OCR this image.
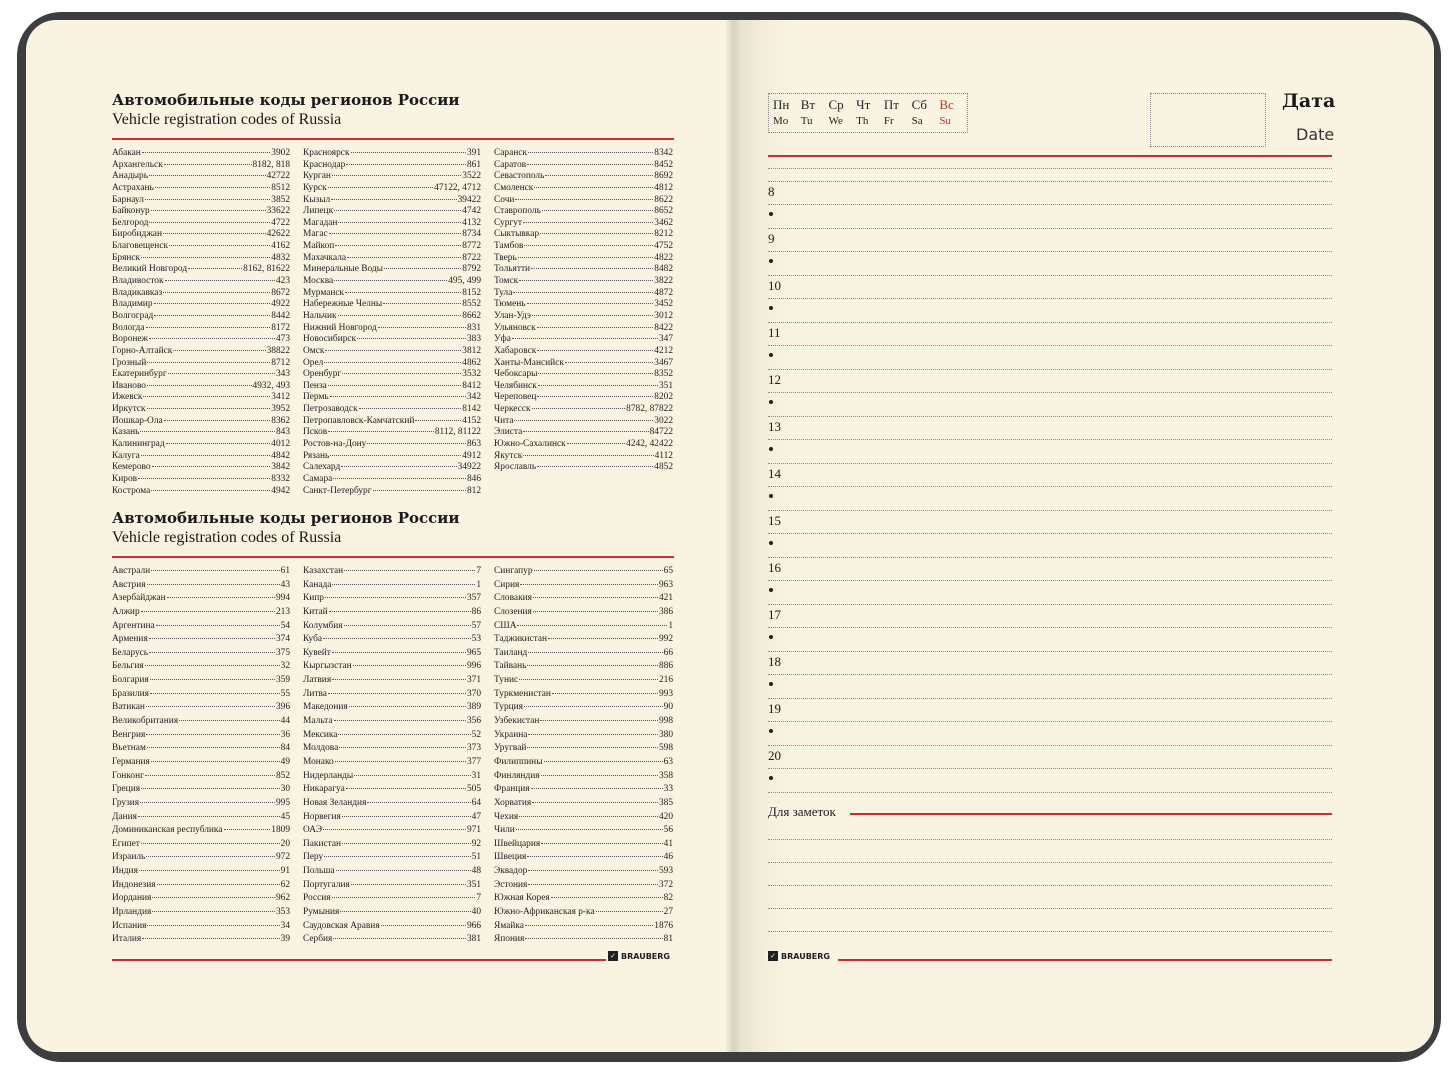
Автомобильные коды регионов России
Vehicle registration codes of Russia
Абакан	3902
Архангельск	8182, 818
Анадырь	42722
Астрахань	8512
Барнаул	3852
Байконур	33622
Белгород	4722
Биробиджан	42622
Благовещенск	4162
Брянск	4832
Великий Новгород	8162, 81622
Владивосток	423
Владикавказ	8672
Владимир	4922
Волгоград	8442
Вологда	8172
Воронеж	473
Горно-Алтайск	38822
Грозный	8712
Екатеринбург	343
Иваново	4932, 493
Ижевск	3412
Иркутск	3952
Йошкар-Ола	8362
Казань	843
Калининград	4012
Калуга	4842
Кемерово	3842
Киров	8332
Кострома	4942
Красноярск	391
Краснодар	861
Курган	3522
Курск	47122, 4712
Кызыл	39422
Липецк	4742
Магадан	4132
Магас	8734
Майкоп	8772
Махачкала	8722
Минеральные Воды	8792
Москва	495, 499
Мурманск	8152
Набережные Челны	8552
Нальчик	8662
Нижний Новгород	831
Новосибирск	383
Омск	3812
Орел	4862
Оренбург	3532
Пенза	8412
Пермь	342
Петрозаводск	8142
Петропавловск-Камчатский	4152
Псков	8112, 81122
Ростов-на-Дону	863
Рязань	4912
Салехард	34922
Самара	846
Санкт-Петербург	812
Саранск	8342
Саратов	8452
Севастополь	8692
Смоленск	4812
Сочи	8622
Ставрополь	8652
Сургут	3462
Сыктывкар	8212
Тамбов	4752
Тверь	4822
Тольятти	8482
Томск	3822
Тула	4872
Тюмень	3452
Улан-Удэ	3012
Ульяновск	8422
Уфа	347
Хабаровск	4212
Ханты-Мансийск	3467
Чебоксары	8352
Челябинск	351
Череповец	8202
Черкесск	8782, 87822
Чита	3022
Элиста	84722
Южно-Сахалинск	4242, 42422
Якутск	4112
Ярославль	4852
Автомобильные коды регионов России
Vehicle registration codes of Russia
Австрали	61
Австрия	43
Азербайджан	994
Алжир	213
Аргентина	54
Армения	374
Беларусь	375
Бельгия	32
Болгария	359
Бразилия	55
Ватикан	396
Великобритания	44
Венгрия	36
Вьетнам	84
Германия	49
Гонконг	852
Греция	30
Грузия	995
Дания	45
Доминиканская республика	1809
Египет	20
Израиль	972
Индия	91
Индонезия	62
Иордания	962
Ирландия	353
Испания	34
Италия	39
Казахстан	7
Канада	1
Кипр	357
Китай	86
Колумбия	57
Куба	53
Кувейт	965
Кыргызстан	996
Латвия	371
Литва	370
Македония	389
Мальта	356
Мексика	52
Молдова	373
Монако	377
Нидерланды	31
Никарагуа	505
Новая Зеландия	64
Норвегия	47
ОАЭ	971
Пакистан	92
Перу	51
Польша	48
Португалия	351
Россия	7
Румыния	40
Саудовская Аравия	966
Сербия	381
Сингапур	65
Сирия	963
Словакия	421
Слозения	386
США	1
Таджикистан	992
Таиланд	66
Тайвань	886
Тунис	216
Туркменистан	993
Турция	90
Узбекистан	998
Украина	380
Уругвай	598
Филиппины	63
Финляндия	358
Франция	33
Хорватия	385
Чехия	420
Чили	56
Швейцария	41
Швеция	46
Эквадор	593
Эстония	372
Южная Корея	82
Южно-Африканская р-ка	27
Ямайка	1876
Япония	81
✓ BRAUBERG
Пн Вт	Ср Чт	Пт Сб Вс
Mo	Tu	We	Th	Fr	Sa	Su
Дата
Date
8
9
10
11
12
13
14
15
16
17
18
19
20
Для заметок
✓ BRAUBERG
